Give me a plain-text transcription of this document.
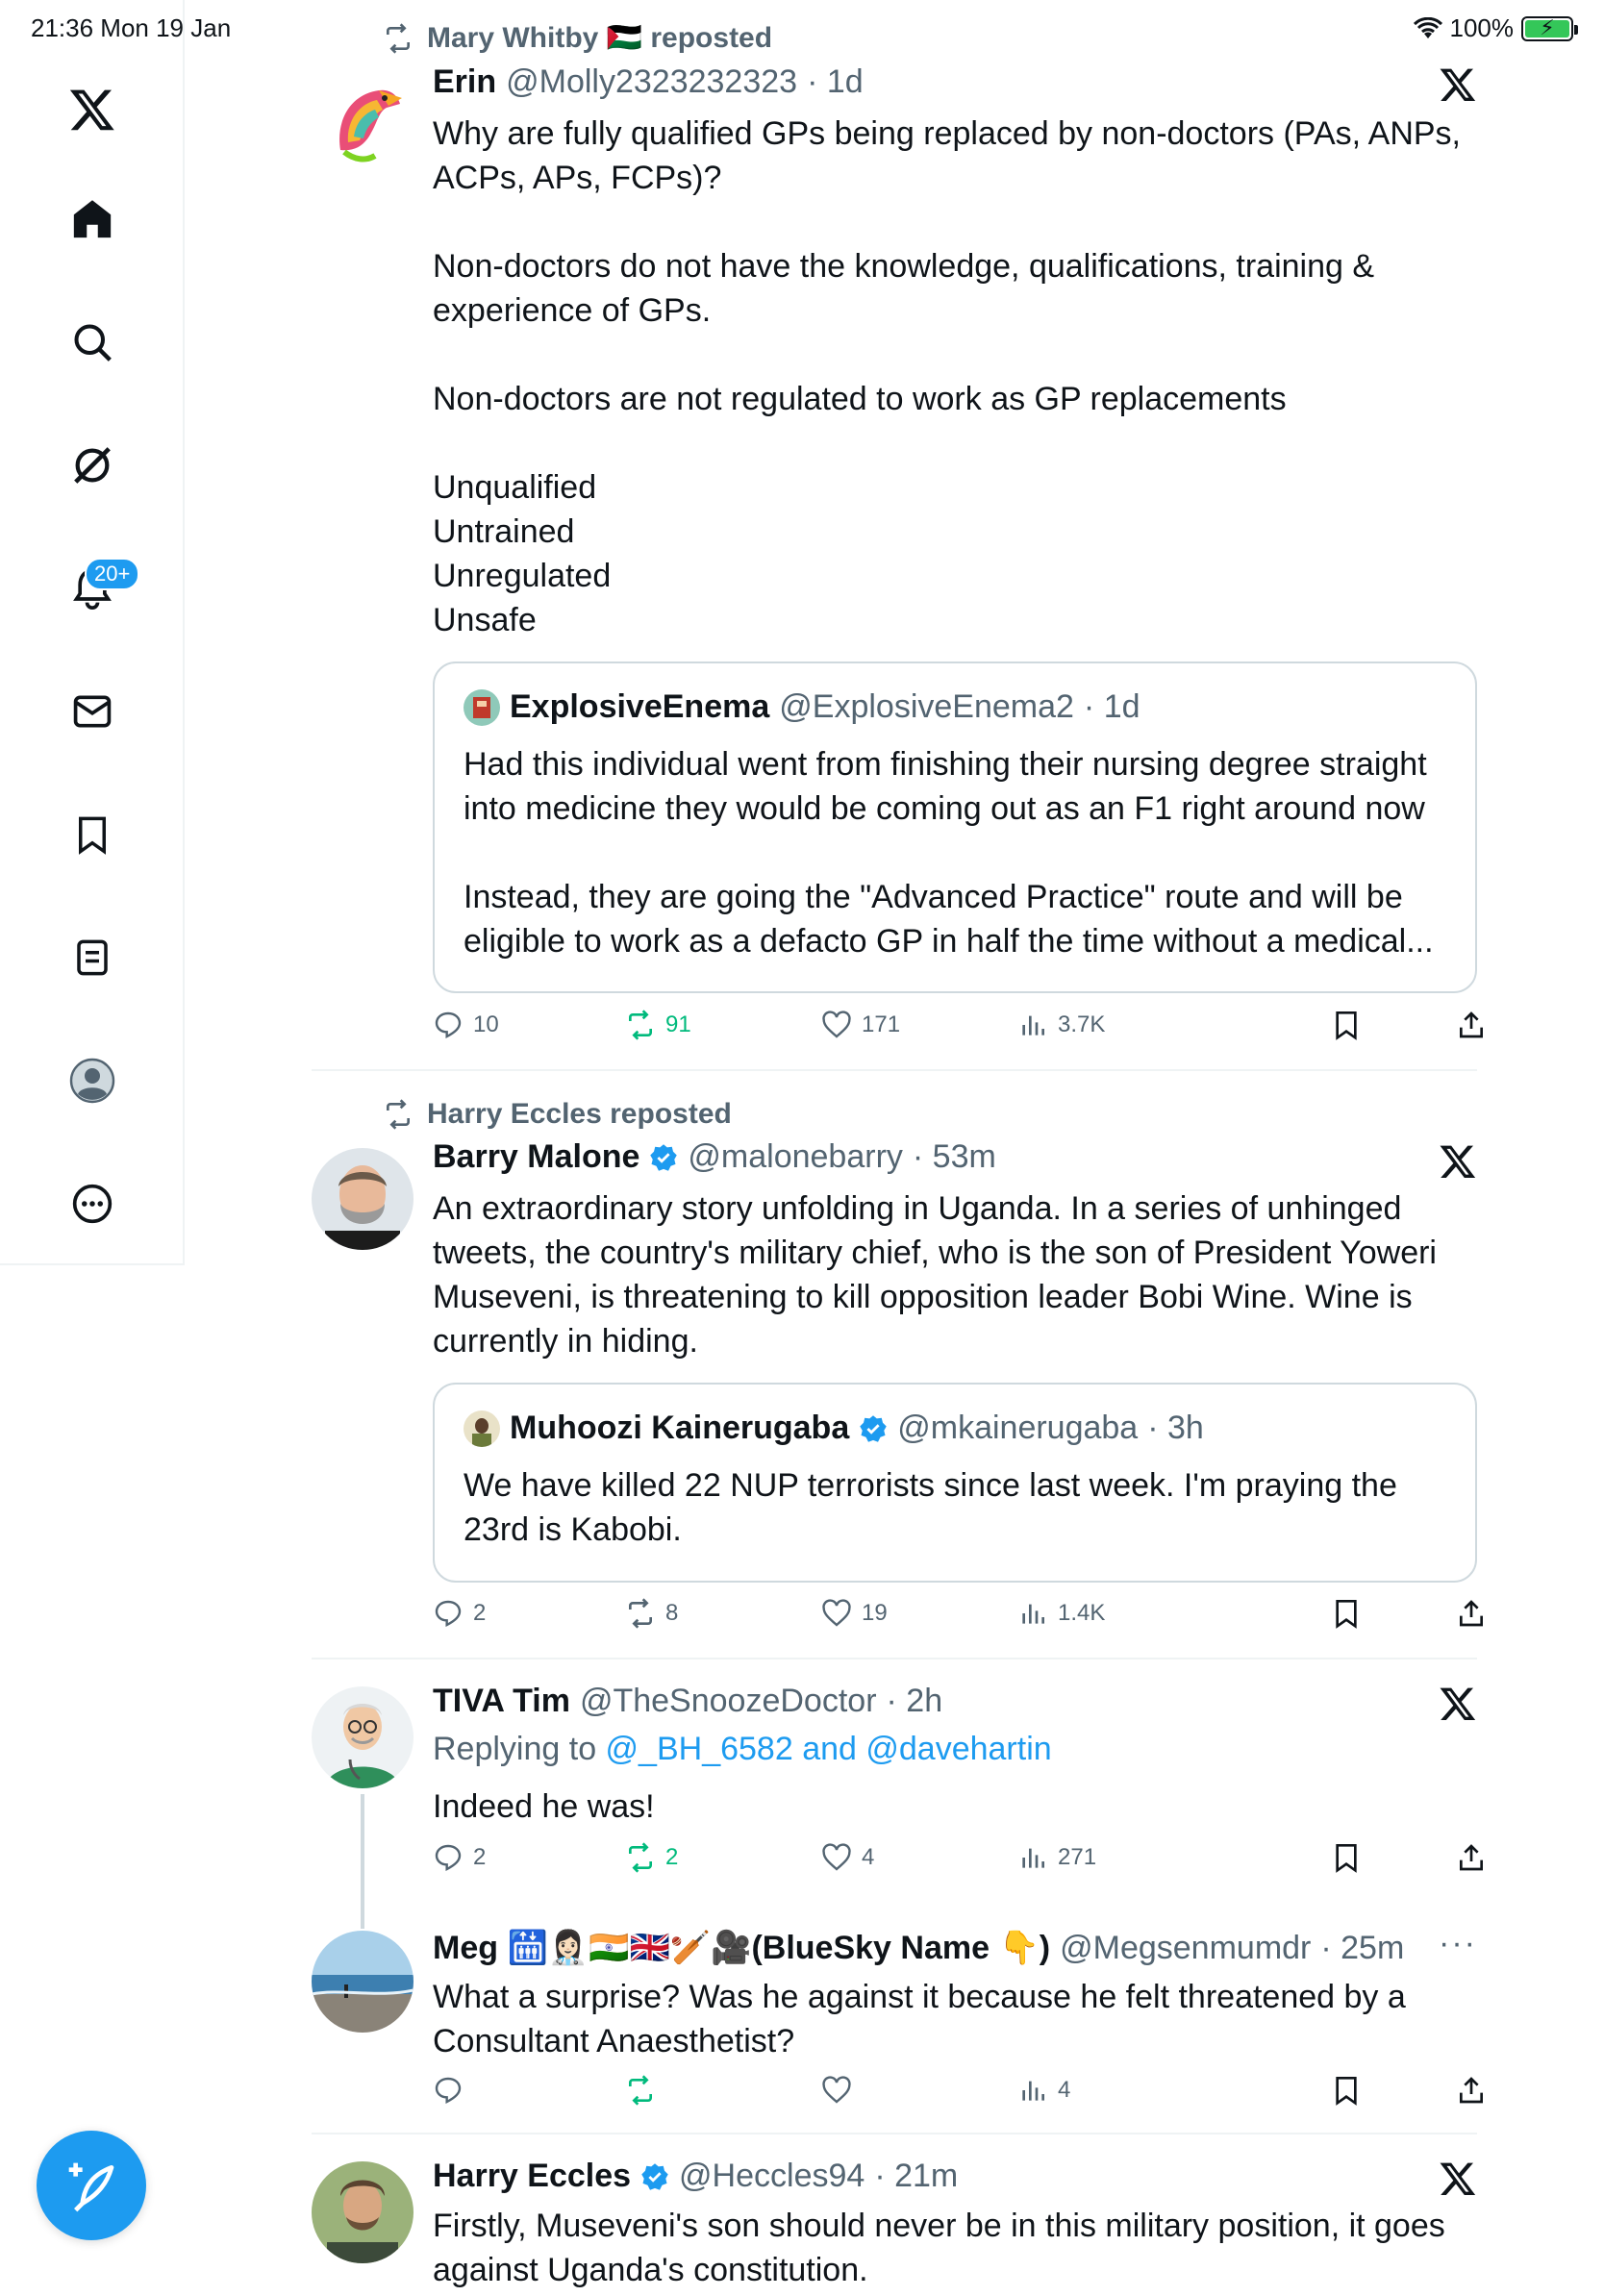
21:36 Mon 19 Jan	100%	⚡
20+
Mary Whitby 🇵🇸 reposted
Erin @Molly2323232323 · 1d
Why are fully qualified GPs being replaced by non-doctors (PAs, ANPs, ACPs, APs, FCPs)?

Non-doctors do not have the knowledge, qualifications, training & experience of GPs.

Non-doctors are not regulated to work as GP replacements

Unqualified
Untrained
Unregulated
Unsafe
ExplosiveEnema @ExplosiveEnema2 · 1d
Had this individual went from finishing their nursing degree straight into medicine they would be coming out as an F1 right around now

Instead, they are going the "Advanced Practice" route and will be eligible to work as a defacto GP in half the time without a medical...
10	91	171	3.7K
Harry Eccles reposted
Barry Malone @malonebarry · 53m
An extraordinary story unfolding in Uganda. In a series of unhinged tweets, the country's military chief, who is the son of President Yoweri Museveni, is threatening to kill opposition leader Bobi Wine. Wine is currently in hiding.
Muhoozi Kainerugaba @mkainerugaba · 3h
We have killed 22 NUP terrorists since last week. I'm praying the 23rd is Kabobi.
2	8	19	1.4K
TIVA Tim @TheSnoozeDoctor · 2h
Replying to @_BH_6582 and @davehartin
Indeed he was!
2	2	4	271
Meg 🛗👩🏻‍⚕️🇮🇳🇬🇧🏏🎥(BlueSky Name 👇) @Megsenmumdr · 25m ···
What a surprise? Was he against it because he felt threatened by a Consultant Anaesthetist?
4
Harry Eccles @Heccles94 · 21m
Firstly, Museveni's son should never be in this military position, it goes against Uganda's constitution.
